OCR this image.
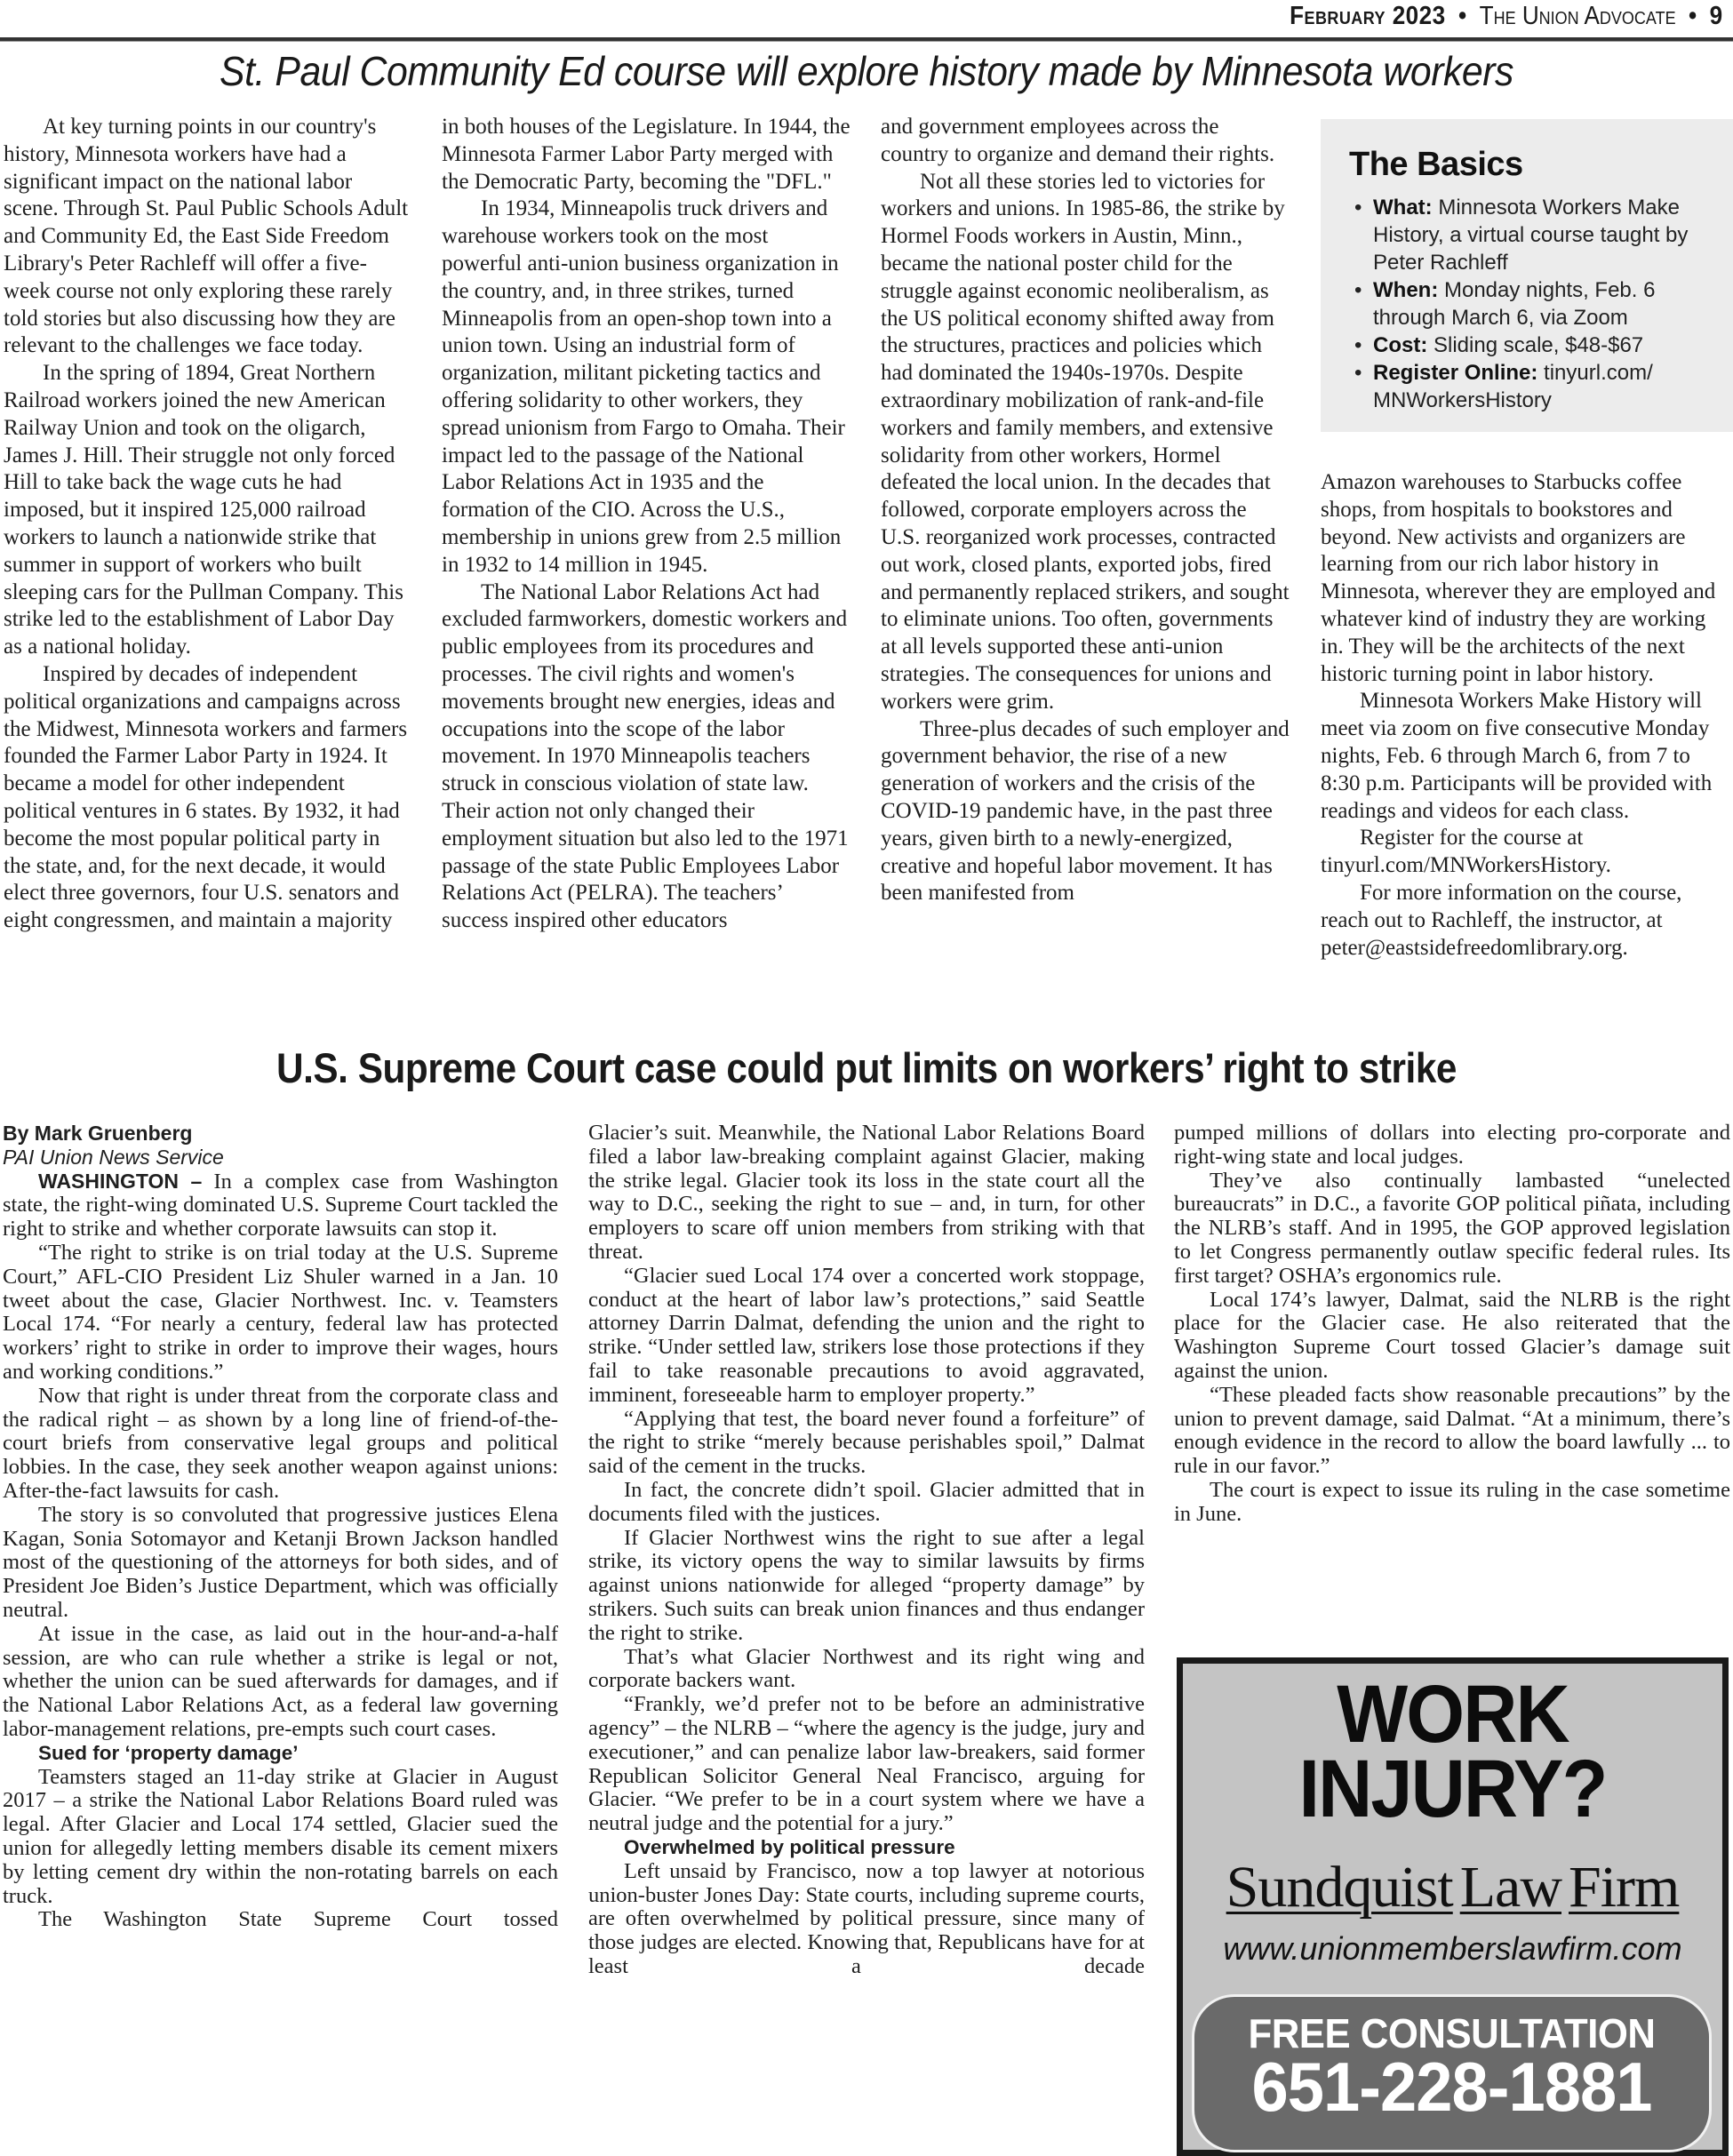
February 2023 • The Union Advocate • 9
St. Paul Community Ed course will explore history made by Minnesota workers

At key turning points in our country's history, Minnesota workers have had a significant impact on the national labor scene. Through St. Paul Public Schools Adult and Community Ed, the East Side Freedom Library's Peter Rachleff will offer a five-week course not only exploring these rarely told stories but also discussing how they are relevant to the challenges we face today.

In the spring of 1894, Great Northern Railroad workers joined the new American Railway Union and took on the oligarch, James J. Hill. Their struggle not only forced Hill to take back the wage cuts he had imposed, but it inspired 125,000 railroad workers to launch a nationwide strike that summer in support of workers who built sleeping cars for the Pullman Company. This strike led to the establishment of Labor Day as a national holiday.

Inspired by decades of independent political organizations and campaigns across the Midwest, Minnesota workers and farmers founded the Farmer Labor Party in 1924. It became a model for other independent political ventures in 6 states. By 1932, it had become the most popular political party in the state, and, for the next decade, it would elect three governors, four U.S. senators and eight congressmen, and maintain a majority

in both houses of the Legislature. In 1944, the Minnesota Farmer Labor Party merged with the Democratic Party, becoming the "DFL."

In 1934, Minneapolis truck drivers and warehouse workers took on the most powerful anti-union business organization in the country, and, in three strikes, turned Minneapolis from an open-shop town into a union town. Using an industrial form of organization, militant picketing tactics and offering solidarity to other workers, they spread unionism from Fargo to Omaha. Their impact led to the passage of the National Labor Relations Act in 1935 and the formation of the CIO. Across the U.S., membership in unions grew from 2.5 million in 1932 to 14 million in 1945.

The National Labor Relations Act had excluded farmworkers, domestic workers and public employees from its procedures and processes. The civil rights and women's movements brought new energies, ideas and occupations into the scope of the labor movement. In 1970 Minneapolis teachers struck in conscious violation of state law. Their action not only changed their employment situation but also led to the 1971 passage of the state Public Employees Labor Relations Act (PELRA). The teachers’ success inspired other educators

and government employees across the country to organize and demand their rights.

Not all these stories led to victories for workers and unions. In 1985-86, the strike by Hormel Foods workers in Austin, Minn., became the national poster child for the struggle against economic neoliberalism, as the US political economy shifted away from the structures, practices and policies which had dominated the 1940s-1970s. Despite extraordinary mobilization of rank-and-file workers and family members, and extensive solidarity from other workers, Hormel defeated the local union. In the decades that followed, corporate employers across the U.S. reorganized work processes, contracted out work, closed plants, exported jobs, fired and permanently replaced strikers, and sought to eliminate unions. Too often, governments at all levels supported these anti-union strategies. The consequences for unions and workers were grim.

Three-plus decades of such employer and government behavior, the rise of a new generation of workers and the crisis of the COVID-19 pandemic have, in the past three years, given birth to a newly-energized, creative and hopeful labor movement. It has been manifested from

The Basics
• What: Minnesota Workers Make History, a virtual course taught by Peter Rachleff
• When: Monday nights, Feb. 6 through March 6, via Zoom
• Cost: Sliding scale, $48-$67
• Register Online: tinyurl.com/ MNWorkersHistory

Amazon warehouses to Starbucks coffee shops, from hospitals to bookstores and beyond. New activists and organizers are learning from our rich labor history in Minnesota, wherever they are employed and whatever kind of industry they are working in. They will be the architects of the next historic turning point in labor history.

Minnesota Workers Make History will meet via zoom on five consecutive Monday nights, Feb. 6 through March 6, from 7 to 8:30 p.m. Participants will be provided with readings and videos for each class.

Register for the course at tinyurl.com/MNWorkersHistory.

For more information on the course, reach out to Rachleff, the instructor, at peter@eastsidefreedomlibrary.org.

U.S. Supreme Court case could put limits on workers’ right to strike

By Mark Gruenberg

PAI Union News Service

WASHINGTON – In a complex case from Washington state, the right-wing dominated U.S. Supreme Court tackled the right to strike and whether corporate lawsuits can stop it.

“The right to strike is on trial today at the U.S. Supreme Court,” AFL-CIO President Liz Shuler warned in a Jan. 10 tweet about the case, Glacier Northwest. Inc. v. Teamsters Local 174. “For nearly a century, federal law has protected workers’ right to strike in order to improve their wages, hours and working conditions.”

Now that right is under threat from the corporate class and the radical right – as shown by a long line of friend-of-the-court briefs from conservative legal groups and political lobbies. In the case, they seek another weapon against unions: After-the-fact lawsuits for cash.

The story is so convoluted that progressive justices Elena Kagan, Sonia Sotomayor and Ketanji Brown Jackson handled most of the questioning of the attorneys for both sides, and of President Joe Biden’s Justice Department, which was officially neutral.

At issue in the case, as laid out in the hour-and-a-half session, are who can rule whether a strike is legal or not, whether the union can be sued afterwards for damages, and if the National Labor Relations Act, as a federal law governing labor-management relations, pre-empts such court cases.

Sued for ‘property damage’

Teamsters staged an 11-day strike at Glacier in August 2017 – a strike the National Labor Relations Board ruled was legal. After Glacier and Local 174 settled, Glacier sued the union for allegedly letting members disable its cement mixers by letting cement dry within the non-rotating barrels on each truck.

The Washington State Supreme Court tossed

Glacier’s suit. Meanwhile, the National Labor Relations Board filed a labor law-breaking complaint against Glacier, making the strike legal. Glacier took its loss in the state court all the way to D.C., seeking the right to sue – and, in turn, for other employers to scare off union members from striking with that threat.

“Glacier sued Local 174 over a concerted work stoppage, conduct at the heart of labor law’s protections,” said Seattle attorney Darrin Dalmat, defending the union and the right to strike. “Under settled law, strikers lose those protections if they fail to take reasonable precautions to avoid aggravated, imminent, foreseeable harm to employer property.”

“Applying that test, the board never found a forfeiture” of the right to strike “merely because perishables spoil,” Dalmat said of the cement in the trucks.

In fact, the concrete didn’t spoil. Glacier admitted that in documents filed with the justices.

If Glacier Northwest wins the right to sue after a legal strike, its victory opens the way to similar lawsuits by firms against unions nationwide for alleged “property damage” by strikers. Such suits can break union finances and thus endanger the right to strike.

That’s what Glacier Northwest and its right wing and corporate backers want.

“Frankly, we’d prefer not to be before an administrative agency” – the NLRB – “where the agency is the judge, jury and executioner,” and can penalize labor law-breakers, said former Republican Solicitor General Neal Francisco, arguing for Glacier. “We prefer to be in a court system where we have a neutral judge and the potential for a jury.”

Overwhelmed by political pressure

Left unsaid by Francisco, now a top lawyer at notorious union-buster Jones Day: State courts, including supreme courts, are often overwhelmed by political pressure, since many of those judges are elected. Knowing that, Republicans have for at least a decade

pumped millions of dollars into electing pro-corporate and right-wing state and local judges.

They’ve also continually lambasted “unelected bureaucrats” in D.C., a favorite GOP political piñata, including the NLRB’s staff. And in 1995, the GOP approved legislation to let Congress permanently outlaw specific federal rules. Its first target? OSHA’s ergonomics rule.

Local 174’s lawyer, Dalmat, said the NLRB is the right place for the Glacier case. He also reiterated that the Washington Supreme Court tossed Glacier’s damage suit against the union.

“These pleaded facts show reasonable precautions” by the union to prevent damage, said Dalmat. “At a minimum, there’s enough evidence in the record to allow the board lawfully ... to rule in our favor.”

The court is expect to issue its ruling in the case sometime in June.

WORK
INJURY?
Sundquist Law Firm
www.unionmemberslawfirm.com
FREE CONSULTATION
651-228-1881
